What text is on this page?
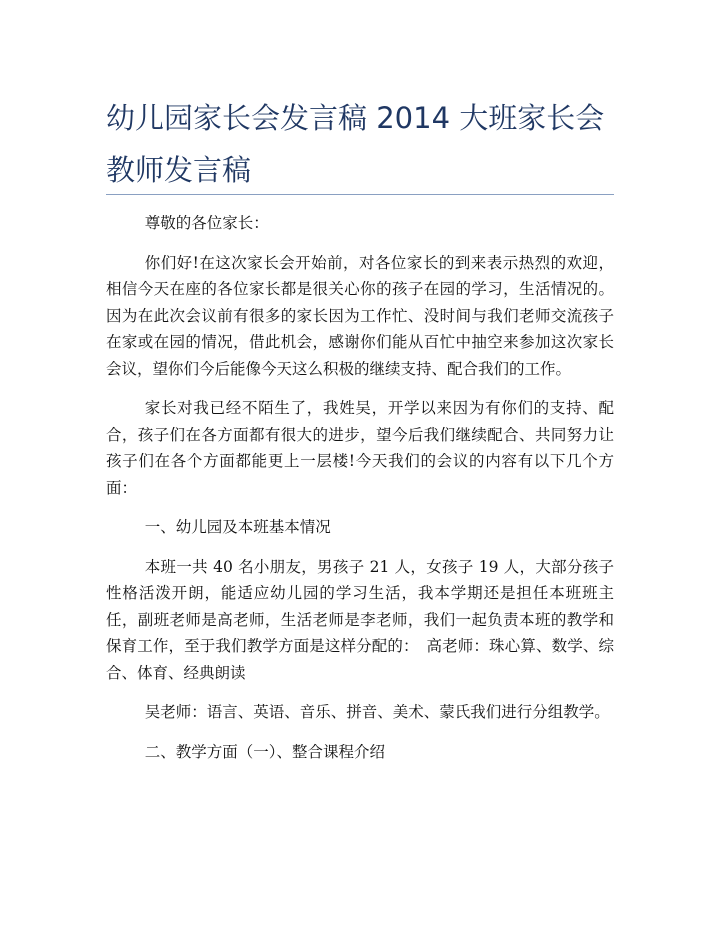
幼儿园家长会发言稿 2014 大班家长会教师发言稿

尊敬的各位家长：

你们好!在这次家长会开始前，对各位家长的到来表示热烈的欢迎，相信今天在座的各位家长都是很关心你的孩子在园的学习，生活情况的。因为在此次会议前有很多的家长因为工作忙、没时间与我们老师交流孩子在家或在园的情况，借此机会，感谢你们能从百忙中抽空来参加这次家长会议，望你们今后能像今天这么积极的继续支持、配合我们的工作。

家长对我已经不陌生了，我姓吴，开学以来因为有你们的支持、配合，孩子们在各方面都有很大的进步，望今后我们继续配合、共同努力让孩子们在各个方面都能更上一层楼!今天我们的会议的内容有以下几个方面：

一、幼儿园及本班基本情况

本班一共 40 名小朋友，男孩子 21 人，女孩子 19 人，大部分孩子性格活泼开朗，能适应幼儿园的学习生活，我本学期还是担任本班班主任，副班老师是高老师，生活老师是李老师，我们一起负责本班的教学和保育工作，至于我们教学方面是这样分配的：　高老师：珠心算、数学、综合、体育、经典朗读

吴老师：语言、英语、音乐、拼音、美术、蒙氏我们进行分组教学。

二、教学方面（一）、整合课程介绍
